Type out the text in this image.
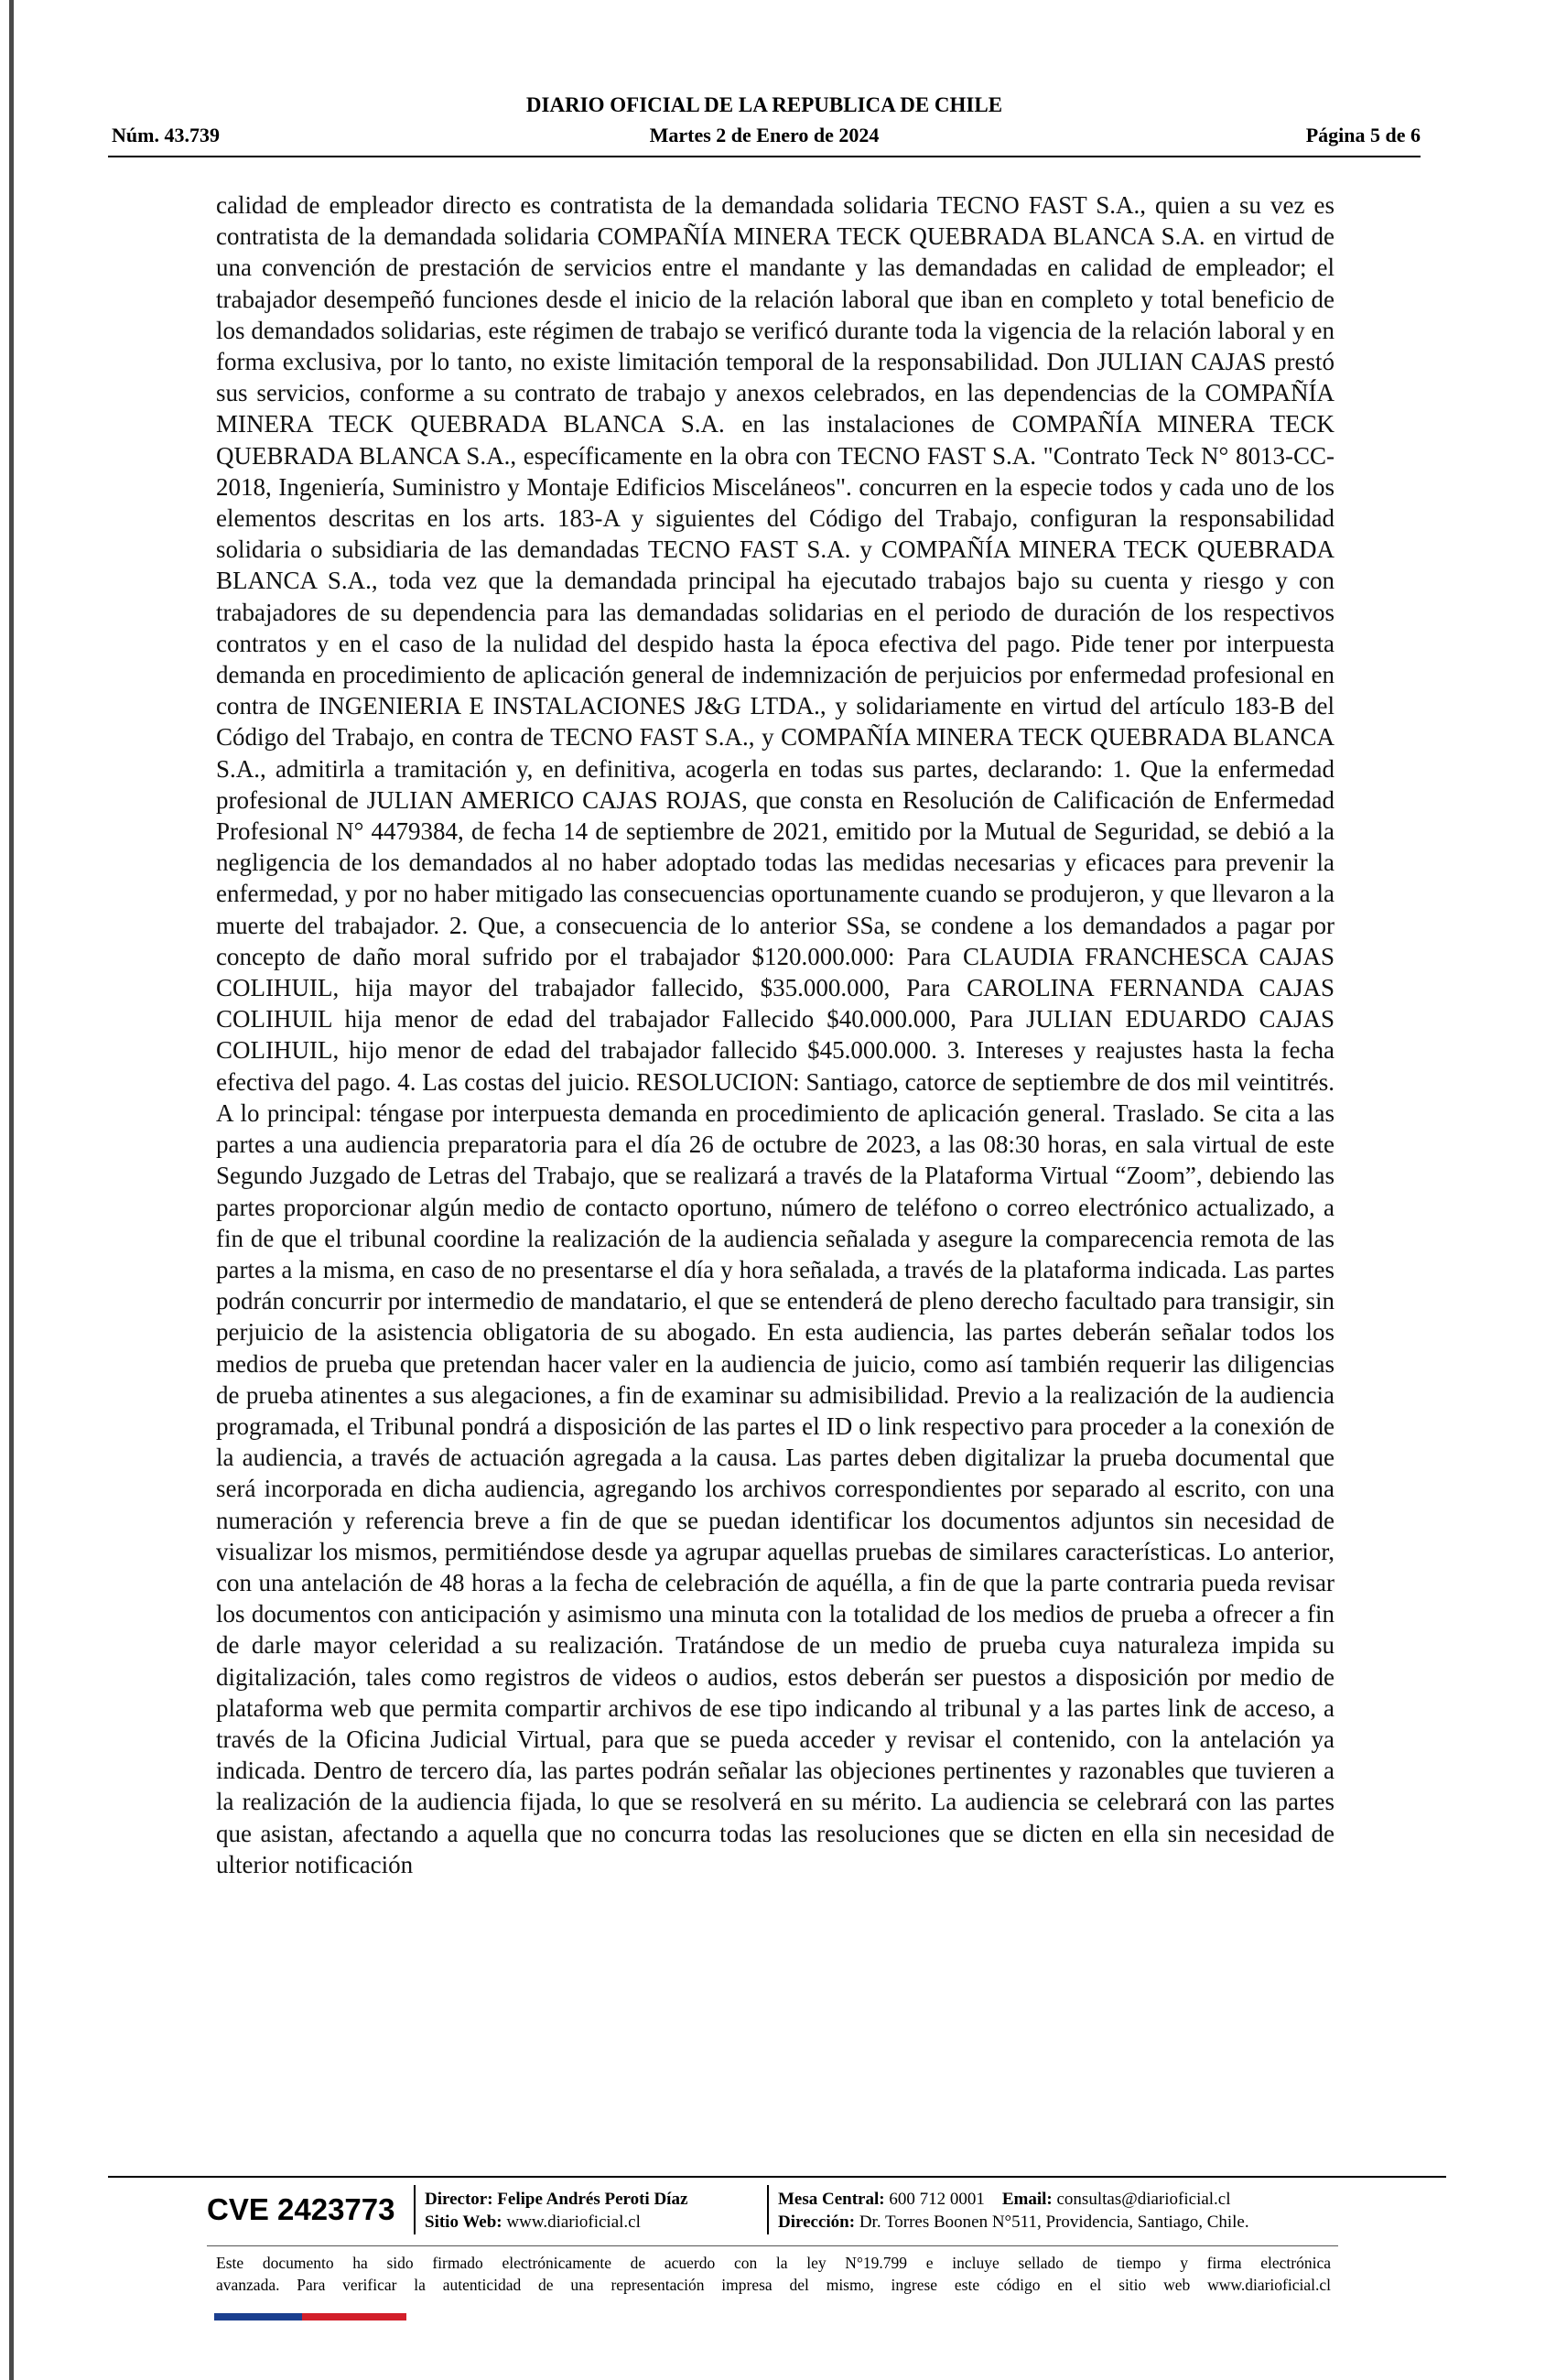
DIARIO OFICIAL DE LA REPUBLICA DE CHILE
Núm. 43.739	Martes 2 de Enero de 2024	Página 5 de 6

calidad de empleador directo es contratista de la demandada solidaria TECNO FAST S.A., quien a su vez es contratista de la demandada solidaria COMPAÑÍA MINERA TECK QUEBRADA BLANCA S.A. en virtud de una convención de prestación de servicios entre el mandante y las demandadas en calidad de empleador; el trabajador desempeñó funciones desde el inicio de la relación laboral que iban en completo y total beneficio de los demandados solidarias, este régimen de trabajo se verificó durante toda la vigencia de la relación laboral y en forma exclusiva, por lo tanto, no existe limitación temporal de la responsabilidad. Don JULIAN CAJAS prestó sus servicios, conforme a su contrato de trabajo y anexos celebrados, en las dependencias de la COMPAÑÍA MINERA TECK QUEBRADA BLANCA S.A. en las instalaciones de COMPAÑÍA MINERA TECK QUEBRADA BLANCA S.A., específicamente en la obra con TECNO FAST S.A. "Contrato Teck N° 8013-CC-2018, Ingeniería, Suministro y Montaje Edificios Misceláneos". concurren en la especie todos y cada uno de los elementos descritas en los arts. 183-A y siguientes del Código del Trabajo, configuran la responsabilidad solidaria o subsidiaria de las demandadas TECNO FAST S.A. y COMPAÑÍA MINERA TECK QUEBRADA BLANCA S.A., toda vez que la demandada principal ha ejecutado trabajos bajo su cuenta y riesgo y con trabajadores de su dependencia para las demandadas solidarias en el periodo de duración de los respectivos contratos y en el caso de la nulidad del despido hasta la época efectiva del pago. Pide tener por interpuesta demanda en procedimiento de aplicación general de indemnización de perjuicios por enfermedad profesional en contra de INGENIERIA E INSTALACIONES J&G LTDA., y solidariamente en virtud del artículo 183-B del Código del Trabajo, en contra de TECNO FAST S.A., y COMPAÑÍA MINERA TECK QUEBRADA BLANCA S.A., admitirla a tramitación y, en definitiva, acogerla en todas sus partes, declarando: 1. Que la enfermedad profesional de JULIAN AMERICO CAJAS ROJAS, que consta en Resolución de Calificación de Enfermedad Profesional N° 4479384, de fecha 14 de septiembre de 2021, emitido por la Mutual de Seguridad, se debió a la negligencia de los demandados al no haber adoptado todas las medidas necesarias y eficaces para prevenir la enfermedad, y por no haber mitigado las consecuencias oportunamente cuando se produjeron, y que llevaron a la muerte del trabajador. 2. Que, a consecuencia de lo anterior SSa, se condene a los demandados a pagar por concepto de daño moral sufrido por el trabajador $120.000.000: Para CLAUDIA FRANCHESCA CAJAS COLIHUIL, hija mayor del trabajador fallecido, $35.000.000, Para CAROLINA FERNANDA CAJAS COLIHUIL hija menor de edad del trabajador Fallecido $40.000.000, Para JULIAN EDUARDO CAJAS COLIHUIL, hijo menor de edad del trabajador fallecido $45.000.000. 3. Intereses y reajustes hasta la fecha efectiva del pago. 4. Las costas del juicio. RESOLUCION: Santiago, catorce de septiembre de dos mil veintitrés. A lo principal: téngase por interpuesta demanda en procedimiento de aplicación general. Traslado. Se cita a las partes a una audiencia preparatoria para el día 26 de octubre de 2023, a las 08:30 horas, en sala virtual de este Segundo Juzgado de Letras del Trabajo, que se realizará a través de la Plataforma Virtual “Zoom”, debiendo las partes proporcionar algún medio de contacto oportuno, número de teléfono o correo electrónico actualizado, a fin de que el tribunal coordine la realización de la audiencia señalada y asegure la comparecencia remota de las partes a la misma, en caso de no presentarse el día y hora señalada, a través de la plataforma indicada. Las partes podrán concurrir por intermedio de mandatario, el que se entenderá de pleno derecho facultado para transigir, sin perjuicio de la asistencia obligatoria de su abogado. En esta audiencia, las partes deberán señalar todos los medios de prueba que pretendan hacer valer en la audiencia de juicio, como así también requerir las diligencias de prueba atinentes a sus alegaciones, a fin de examinar su admisibilidad. Previo a la realización de la audiencia programada, el Tribunal pondrá a disposición de las partes el ID o link respectivo para proceder a la conexión de la audiencia, a través de actuación agregada a la causa. Las partes deben digitalizar la prueba documental que será incorporada en dicha audiencia, agregando los archivos correspondientes por separado al escrito, con una numeración y referencia breve a fin de que se puedan identificar los documentos adjuntos sin necesidad de visualizar los mismos, permitiéndose desde ya agrupar aquellas pruebas de similares características. Lo anterior, con una antelación de 48 horas a la fecha de celebración de aquélla, a fin de que la parte contraria pueda revisar los documentos con anticipación y asimismo una minuta con la totalidad de los medios de prueba a ofrecer a fin de darle mayor celeridad a su realización. Tratándose de un medio de prueba cuya naturaleza impida su digitalización, tales como registros de videos o audios, estos deberán ser puestos a disposición por medio de plataforma web que permita compartir archivos de ese tipo indicando al tribunal y a las partes link de acceso, a través de la Oficina Judicial Virtual, para que se pueda acceder y revisar el contenido, con la antelación ya indicada. Dentro de tercero día, las partes podrán señalar las objeciones pertinentes y razonables que tuvieren a la realización de la audiencia fijada, lo que se resolverá en su mérito. La audiencia se celebrará con las partes que asistan, afectando a aquella que no concurra todas las resoluciones que se dicten en ella sin necesidad de ulterior notificación

CVE 2423773 Director: Felipe Andrés Peroti Díaz
Sitio Web: www.diarioficial.cl
Mesa Central: 600 712 0001 Email: consultas@diarioficial.cl
Dirección: Dr. Torres Boonen N°511, Providencia, Santiago, Chile.
Este documento ha sido firmado electrónicamente de acuerdo con la ley N°19.799 e incluye sellado de tiempo y firma electrónica
avanzada. Para verificar la autenticidad de una representación impresa del mismo, ingrese este código en el sitio web www.diarioficial.cl
